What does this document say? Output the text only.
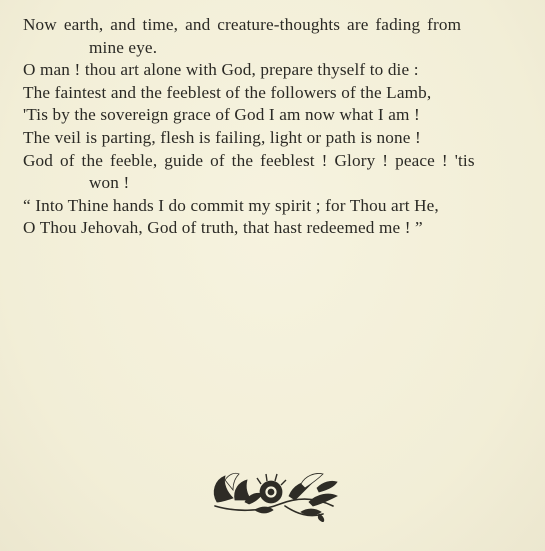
Now earth, and time, and creature-thoughts are fading from
mine eye.
O man ! thou art alone with God, prepare thyself to die :
The faintest and the feeblest of the followers of the Lamb,
'Tis by the sovereign grace of God I am now what I am !
The veil is parting, flesh is failing, light or path is none !
God of the feeble, guide of the feeblest ! Glory ! peace ! 'tis
won !
“ Into Thine hands I do commit my spirit ; for Thou art He,
O Thou Jehovah, God of truth, that hast redeemed me ! ”
